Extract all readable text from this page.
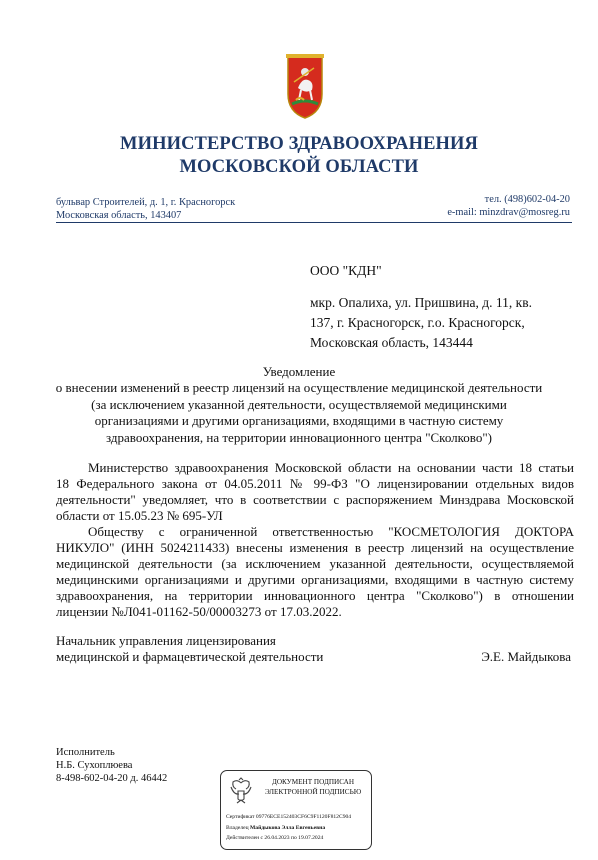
МИНИСТЕРСТВО ЗДРАВООХРАНЕНИЯ
МОСКОВСКОЙ ОБЛАСТИ
бульвар Строителей, д. 1, г. Красногорск
Московская область, 143407
тел. (498)602-04-20
e-mail: minzdrav@mosreg.ru
ООО "КДН"
мкр. Опалиха, ул. Пришвина, д. 11, кв.
137, г. Красногорск, г.о. Красногорск,
Московская область, 143444
Уведомление
о внесении изменений в реестр лицензий на осуществление медицинской деятельности
(за исключением указанной деятельности, осуществляемой медицинскими
организациями и другими организациями, входящими в частную систему
здравоохранения, на территории инновационного центра "Сколково")
Министерство здравоохранения Московской области на основании части 18 статьи
18 Федерального закона от 04.05.2011 № 99-ФЗ "О лицензировании отдельных видов
деятельности" уведомляет, что в соответствии с распоряжением Минздрава Московской
области от 15.05.23 № 695-УЛ
Обществу с ограниченной ответственностью "КОСМЕТОЛОГИЯ ДОКТОРА
НИКУЛО" (ИНН 5024211433) внесены изменения в реестр лицензий на осуществление
медицинской деятельности (за исключением указанной деятельности, осуществляемой
медицинскими организациями и другими организациями, входящими в частную систему
здравоохранения, на территории инновационного центра "Сколково") в отношении
лицензии №Л041-01162-50/00003273 от 17.03.2022.
Начальник управления лицензирования
медицинской и фармацевтической деятельности	Э.Е. Майдыкова
Исполнитель
Н.Б. Сухоплюева
8-498-602-04-20 д. 46442	ДОКУМЕНТ ПОДПИСАН
ЭЛЕКТРОННОЙ ПОДПИСЬЮ
Сертификат 09776ECE152403CF6C9F1120F812C904
Владелец Майдыкова Элла Евгеньевна
Действителен с 26.04.2023 по 19.07.2024
